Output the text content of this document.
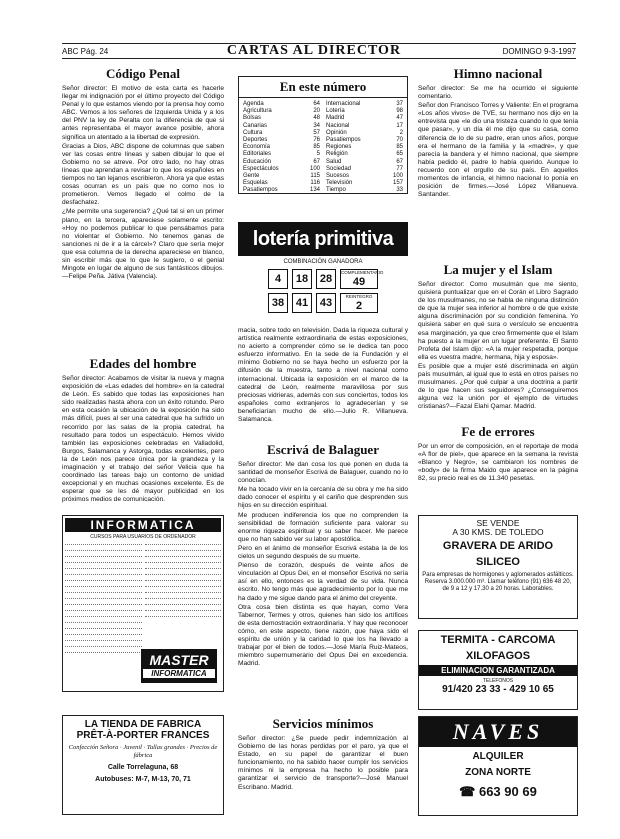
ABC Pág. 24	CARTAS AL DIRECTOR	DOMINGO 9-3-1997
Código Penal

Señor director: El motivo de esta carta es hacerle llegar mi indignación por el último proyecto del Código Penal y lo que estamos viendo por la prensa hoy como ABC. Vemos a los señores de Izquierda Unida y a los del PNV la ley de Peralta con la diferencia de que si antes representaba el mayor avance posible, ahora significa un atentado a la libertad de expresión.

Gracias a Dios, ABC dispone de columnas que saben ver las cosas entre líneas y saben dibujar lo que el Gobierno no se atreve. Por otro lado, no hay otras líneas que aprendan a revisar lo que los españoles en tiempos no tan lejanos escribieron. Ahora ya que estas cosas ocurran es un país que no como nos lo prometieron. Vemos llegado el colmo de la desfachatez.

¿Me permite una sugerencia? ¿Qué tal si en un primer plano, en la tercera, apareciese solamente escrito: «Hoy no podemos publicar lo que pensábamos para no violentar el Gobierno. No tenemos ganas de sanciones ni de ir a la cárcel»? Claro que sería mejor que esa columna de la derecha apareciese en blanco, sin escribir más que lo que le sugiero, o el genial Mingote en lugar de alguno de sus fantásticos dibujos.—Felipe Peña. Játiva (Valencia).

Edades del hombre

Señor director: Acabamos de visitar la nueva y magna exposición de «Las edades del hombre» en la catedral de León. Es sabido que todas las exposiciones han sido realizadas hasta ahora con un éxito rotundo. Pero en esta ocasión la ubicación de la exposición ha sido más difícil, pues al ser una catedral que ha sufrido un recorrido por las salas de la propia catedral, ha resultado para todos un espectáculo. Hemos vivido también las exposiciones celebradas en Valladolid, Burgos, Salamanca y Astorga, todas excelentes, pero la de León nos parece única por la grandeza y la imaginación y el trabajo del señor Velicia que ha coordinado las tareas bajo un contorno de unidad excepcional y en muchas ocasiones excelente. Es de esperar que se les dé mayor publicidad en los próximos medios de comunicación.

INFORMATICA
CURSOS PARA USUARIOS DE ORDENADOR
MASTER
INFORMATICA
LA TIENDA DE FABRICA
PRÊT-À-PORTER FRANCES
Confección Señora · Juvenil · Tallas grandes · Precios de fábrica
Calle Torrelaguna, 68
Autobuses: M-7, M-13, 70, 71
En este número
Agenda	64
Agricultura	20
Bolsas	48
Canarias	34
Cultura	57
Deportes	76
Economía	85
Editoriales	5
Educación	67
Espectáculos	100
Gente	115
Esquelas	116
Pasatiempos	134
Internacional	37
Lotería	98
Madrid	47
Nacional	17
Opinión	2
Pasatiempos	70
Regiones	85
Religión	65
Salud	67
Sociedad	77
Sucesos	100
Televisión	157
Tiempo	33
lotería primitiva
COMBINACIÓN GANADORA
4	18	28
COMPLEMENTARIO
49
38	41	43
REINTEGRO
2

macia, sobre todo en televisión. Dada la riqueza cultural y artística realmente extraordinaria de estas exposiciones, no acierto a comprender cómo se le dedica tan poco esfuerzo informativo. En la sede de la Fundación y el mínimo Gobierno no se haya hecho un esfuerzo por la difusión de la muestra, tanto a nivel nacional como internacional. Ubicada la exposición en el marco de la catedral de León, realmente maravillosa por sus preciosas vidrieras, además con sus conciertos, todos los españoles como extranjeros lo agradecerían y se beneficiarían mucho de ello.—Julio R. Villanueva. Salamanca.

Escrivá de Balaguer

Señor director: Me dan cosa los que ponen en duda la santidad de monseñor Escrivá de Balaguer, cuando no lo conocían.

Me ha tocado vivir en la cercanía de su obra y me ha sido dado conocer el espíritu y el cariño que desprenden sus hijos en su dirección espiritual.

Me producen indiferencia los que no comprenden la sensibilidad de formación suficiente para valorar su enorme riqueza espiritual y su saber hacer. Me parece que no han sabido ver su labor apostólica.

Pero en el ánimo de monseñor Escrivá estaba la de los cielos un segundo después de su muerte.

Pienso de corazón, después de veinte años de vinculación al Opus Dei, en el monseñor Escrivá no sería así en ello, entonces es la verdad de su vida. Nunca escrito. No tengo más que agradecimiento por lo que me ha dado y me sigue dando para el ánimo del creyente.

Otra cosa bien distinta es que hayan, como Vera Tabernor, Termes y otros, quienes han sido los artífices de esta demostración extraordinaria. Y hay que reconocer cómo, en este aspecto, tiene razón, que haya sido el espíritu de unión y la caridad lo que los ha llevado a trabajar por el bien de todos.—José María Ruiz-Mateos, miembro supernumerario del Opus Dei en excedencia. Madrid.

Servicios mínimos

Señor director: ¿Se puede pedir indemnización al Gobierno de las horas perdidas por el paro, ya que el Estado, en su papel de garantizar el buen funcionamiento, no ha sabido hacer cumplir los servicios mínimos ni la empresa ha hecho lo posible para garantizar el servicio de transporte?—José Manuel Escribano. Madrid.

Himno nacional

Señor director: Se me ha ocurrido el siguiente comentario.

Señor don Francisco Torres y Valiente: En el programa «Los años vivos» de TVE, su hermano nos dijo en la entrevista que «le dio una tristeza cuando lo que tenía que pasar», y un día él me dijo que su casa, como diferencia de lo de su padre, eran unos años, porque era el hermano de la familia y la «madre», y que parecía la bandera y el himno nacional, que siempre había pedido él, padre lo había querido. Aunque lo recuerdo con el orgullo de su país. En aquellos momentos de infancia, el himno nacional lo ponía en posición de firmes.—José López Villanueva. Santander.

La mujer y el Islam

Señor director: Como musulmán que me siento, quisiera puntualizar que en el Corán el Libro Sagrado de los musulmanes, no se habla de ninguna distinción de que la mujer sea inferior al hombre o de que existe alguna discriminación por su condición femenina. Yo quisiera saber en qué sura o versículo se encuentra esa marginación, ya que creo firmemente que el Islam ha puesto a la mujer en un lugar preferente. El Santo Profeta del Islam dijo: «A la mujer respetadla, porque ella es vuestra madre, hermana, hija y esposa».

Es posible que a mujer esté discriminada en algún país musulmán, al igual que lo está en otros países no musulmanes. ¿Por qué culpar a una doctrina a partir de lo que hacen sus seguidores? ¿Conseguiremos alguna vez la unión por el ejemplo de virtudes cristianas?—Fazal Elahi Qamar. Madrid.

Fe de errores

Por un error de composición, en el reportaje de moda «A flor de piel», que aparece en la semana la revista «Blanco y Negro», se cambiaron los nombres de «body» de la firma Maido que aparece en la página 82, su precio real es de 11.340 pesetas.

SE VENDE
A 30 KMS. DE TOLEDO
GRAVERA DE ARIDO
SILICEO
Para empresas de hormigones y aglomerados asfálticos. Reserva 3.000.000 m³. Llamar teléfono (91) 636 48 20, de 9 a 12 y 17.30 a 20 horas. Laborables.
TERMITA - CARCOMA
XILOFAGOS
ELIMINACION GARANTIZADA
TELEFONOS
91/420 23 33 - 429 10 65
NAVES
ALQUILER
ZONA NORTE
☎ 663 90 69
